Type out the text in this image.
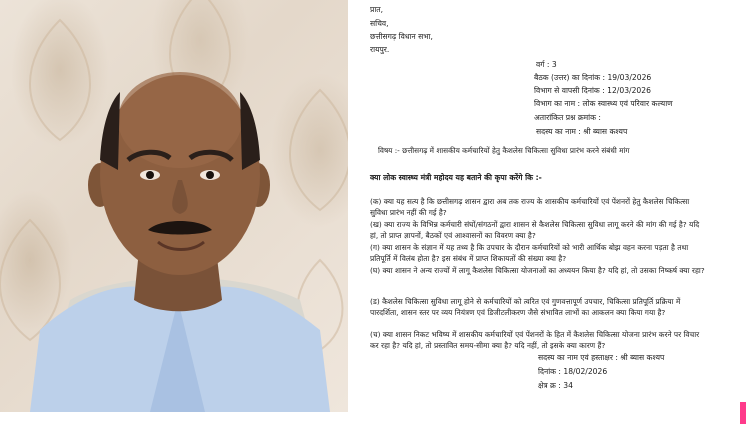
प्रात,
सचिव,
छत्तीसगढ़ विधान सभा,
रायपुर.
वर्ग : 3
बैठक (उत्तर) का दिनांक : 19/03/2026
विभाग से वापसी दिनांक : 12/03/2026
विभाग का नाम : लोक स्वास्थ्य एवं परिवार कल्याण
अतारांकित प्रश्न क्रमांक :
सदस्य का नाम : श्री ब्यास कश्यप
विषय :- छत्तीसगढ़ में शासकीय कर्मचारियों हेतु कैशलेस चिकित्सा सुविधा प्रारंभ करने संबंधी मांग
क्या लोक स्वास्थ्य मंत्री महोदय यह बताने की कृपा करेंगे कि :-
(क) क्या यह सत्य है कि छत्तीसगढ़ शासन द्वारा अब तक राज्य के शासकीय कर्मचारियों एवं पेंशनरों हेतु कैशलेस चिकित्सा सुविधा प्रारंभ नहीं की गई है?
(ख) क्या राज्य के विभिन्न कर्मचारी संघों/संगठनों द्वारा शासन से कैशलेस चिकित्सा सुविधा लागू करने की मांग की गई है? यदि हां, तो प्राप्त ज्ञापनों, बैठकों एवं आश्वासनों का विवरण क्या है?
(ग) क्या शासन के संज्ञान में यह तथ्य है कि उपचार के दौरान कर्मचारियों को भारी आर्थिक बोझ वहन करना पड़ता है तथा प्रतिपूर्ति में विलंब होता है? इस संबंध में प्राप्त शिकायतों की संख्या क्या है?
(घ) क्या शासन ने अन्य राज्यों में लागू कैशलेस चिकित्सा योजनाओं का अध्ययन किया है? यदि हां, तो उसका निष्कर्ष क्या रहा?
(ड) कैशलेस चिकित्सा सुविधा लागू होने से कर्मचारियों को त्वरित एवं गुणवत्तापूर्ण उपचार, चिकित्सा प्रतिपूर्ति प्रक्रिया में पारदर्शिता, शासन स्तर पर व्यय नियंत्रण एवं डिजीटलीकरण जैसे संभावित लाभों का आकलन क्या किया गया है?
(च) क्या शासन निकट भविष्य में शासकीय कर्मचारियों एवं पेंशनरों के हित में कैशलेस चिकित्सा योजना प्रारंभ करने पर विचार कर रहा है? यदि हां, तो प्रस्तावित समय-सीमा क्या है? यदि नहीं, तो इसके क्या कारण हैं?
सदस्य का नाम एवं हस्ताक्षर : श्री ब्यास कश्यप
दिनांक : 18/02/2026
क्षेत्र क्र : 34
